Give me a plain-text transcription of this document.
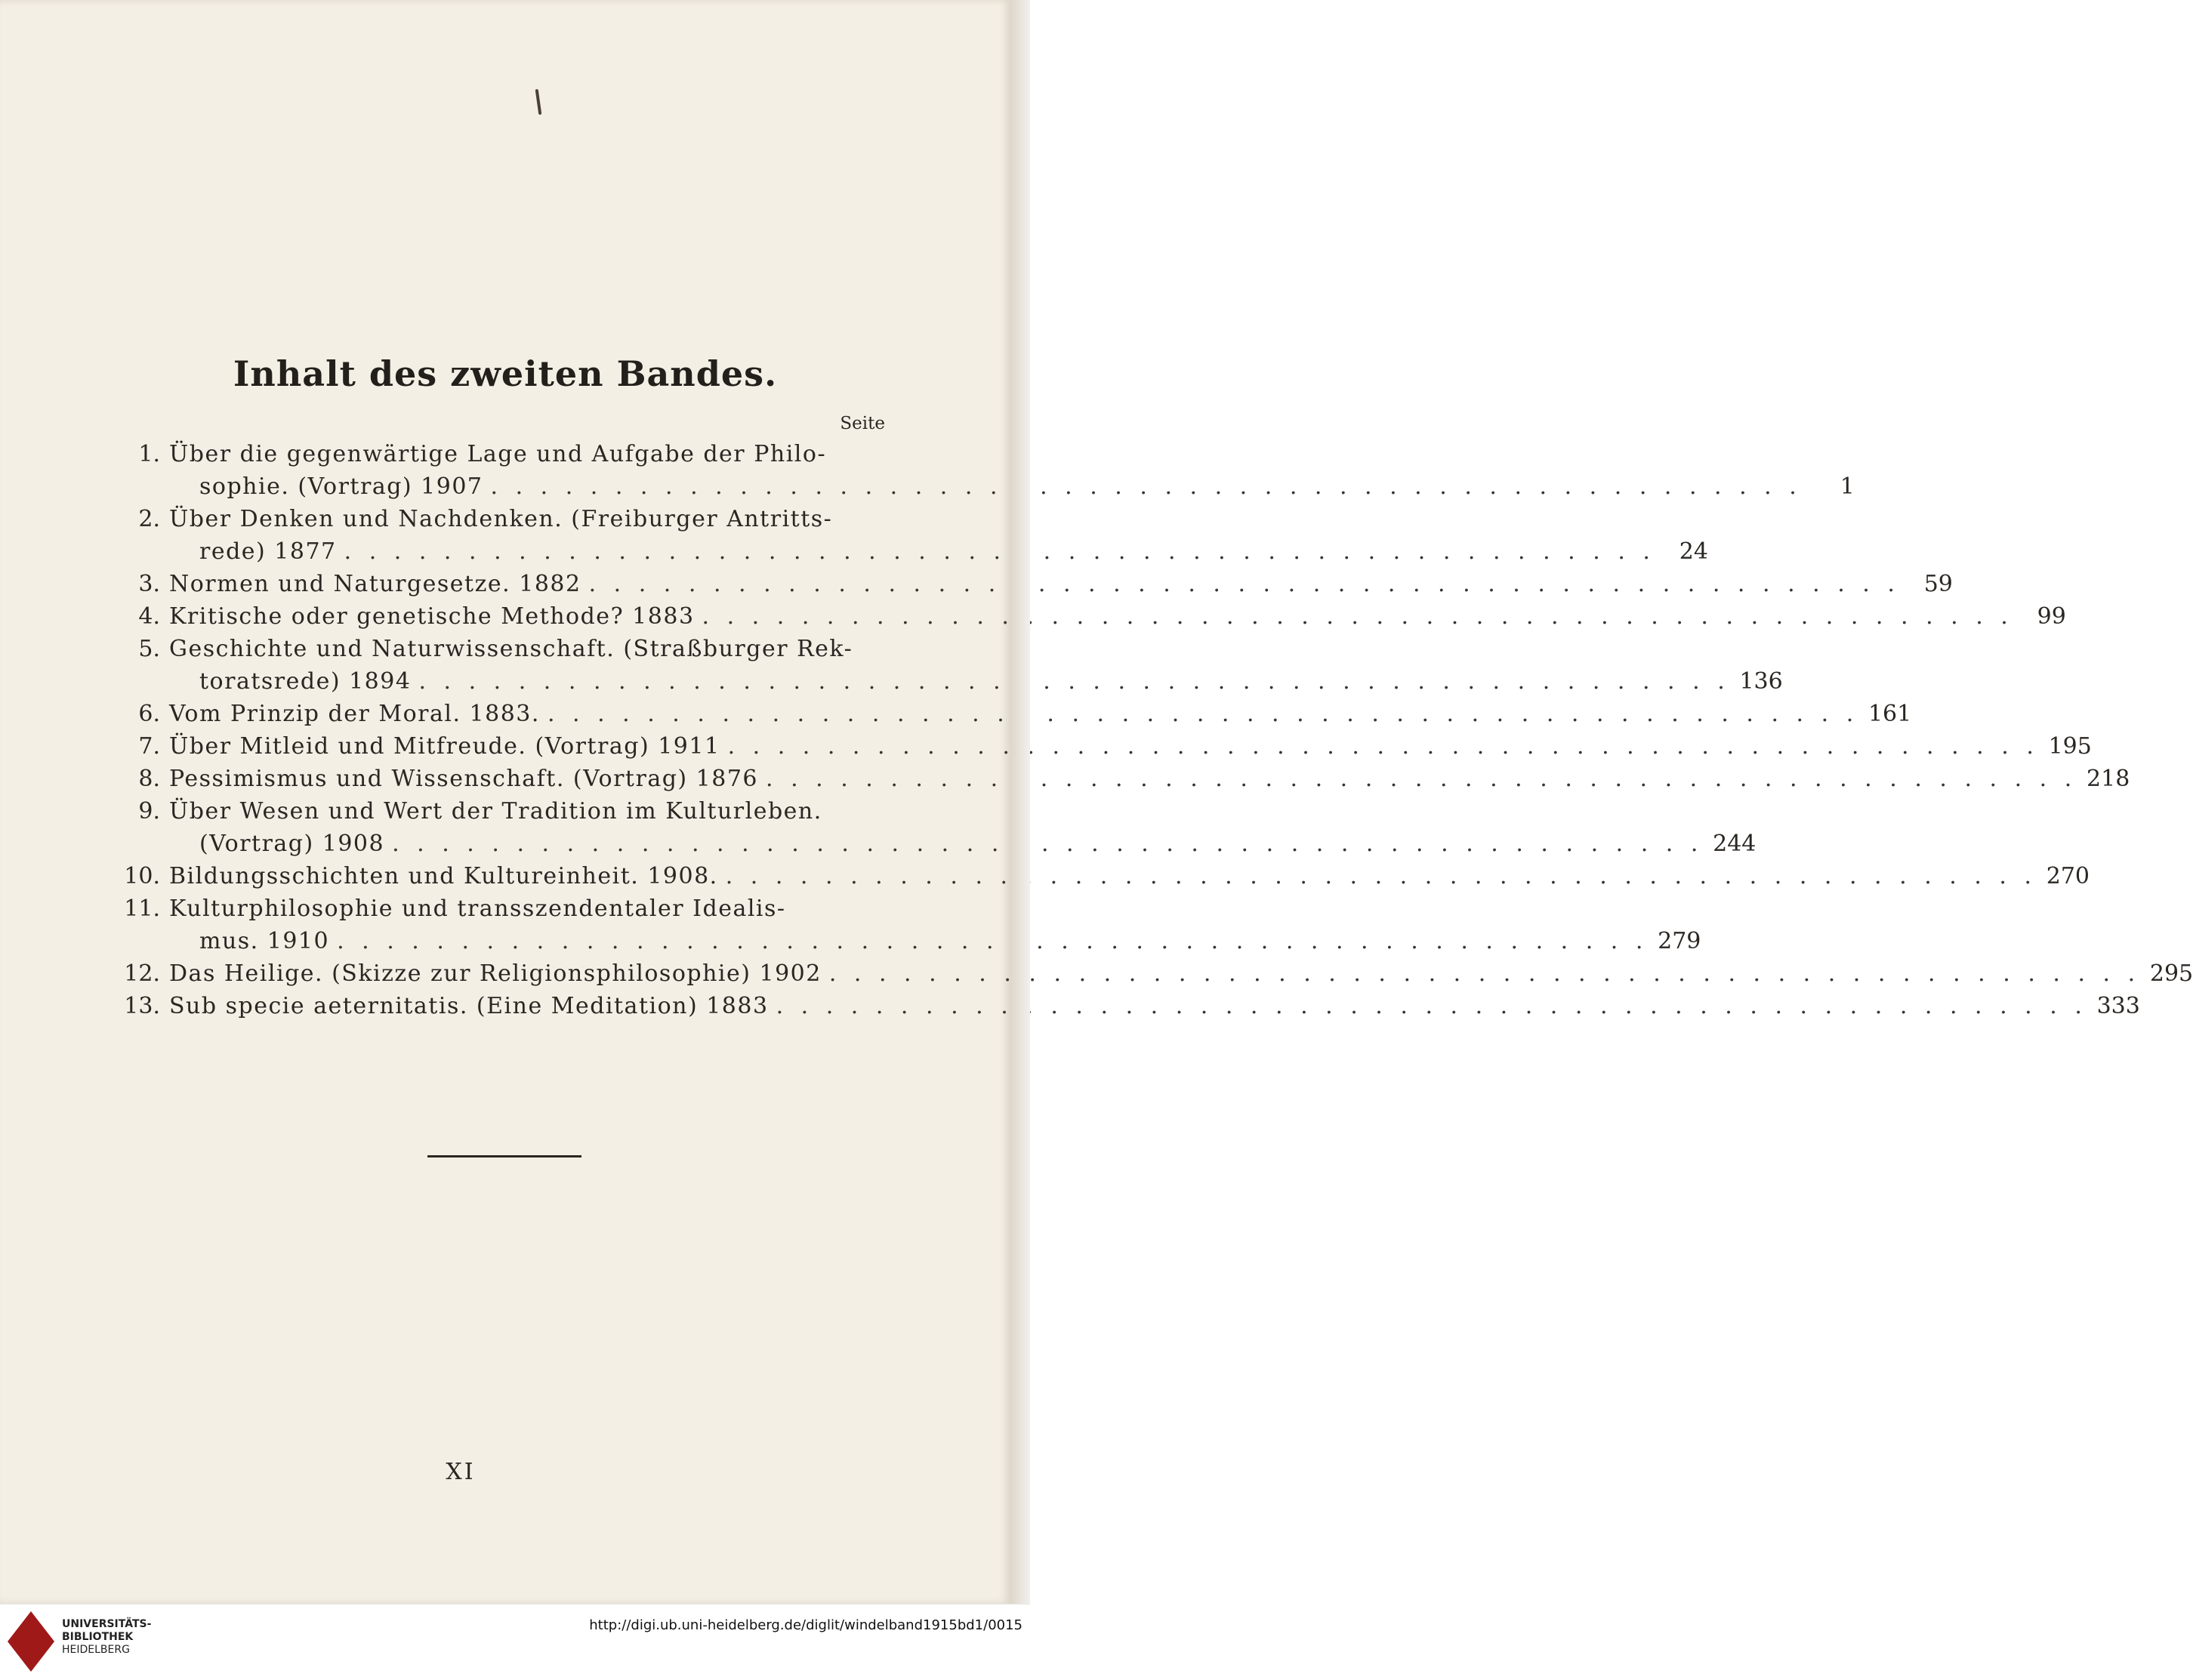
Inhalt des zweiten Bandes.
Seite
1. Über die gegenwärtige Lage und Aufgabe der Philo-
sophie. (Vortrag) 1907 . . .	1
2. Über Denken und Nachdenken. (Freiburger Antritts-
rede) 1877 . . .	24
3. Normen und Naturgesetze. 1882 . . .	59
4. Kritische oder genetische Methode? 1883 . . .	99
5. Geschichte und Naturwissenschaft. (Straßburger Rek-
toratsrede) 1894 . . .	136
6. Vom Prinzip der Moral. 1883. . . .	161
7. Über Mitleid und Mitfreude. (Vortrag) 1911 . . .	195
8. Pessimismus und Wissenschaft. (Vortrag) 1876 . . .	218
9. Über Wesen und Wert der Tradition im Kulturleben.
(Vortrag) 1908 . . .	244
10. Bildungsschichten und Kultureinheit. 1908. . . .	270
11. Kulturphilosophie und transszendentaler Idealis-
mus. 1910 . . .	279
12. Das Heilige. (Skizze zur Religionsphilosophie) 1902 . . .	295
13. Sub specie aeternitatis. (Eine Meditation) 1883 . . .	333
XI
UNIVERSITÄTS-
BIBLIOTHEK
HEIDELBERG
http://digi.ub.uni-heidelberg.de/diglit/windelband1915bd1/0015
